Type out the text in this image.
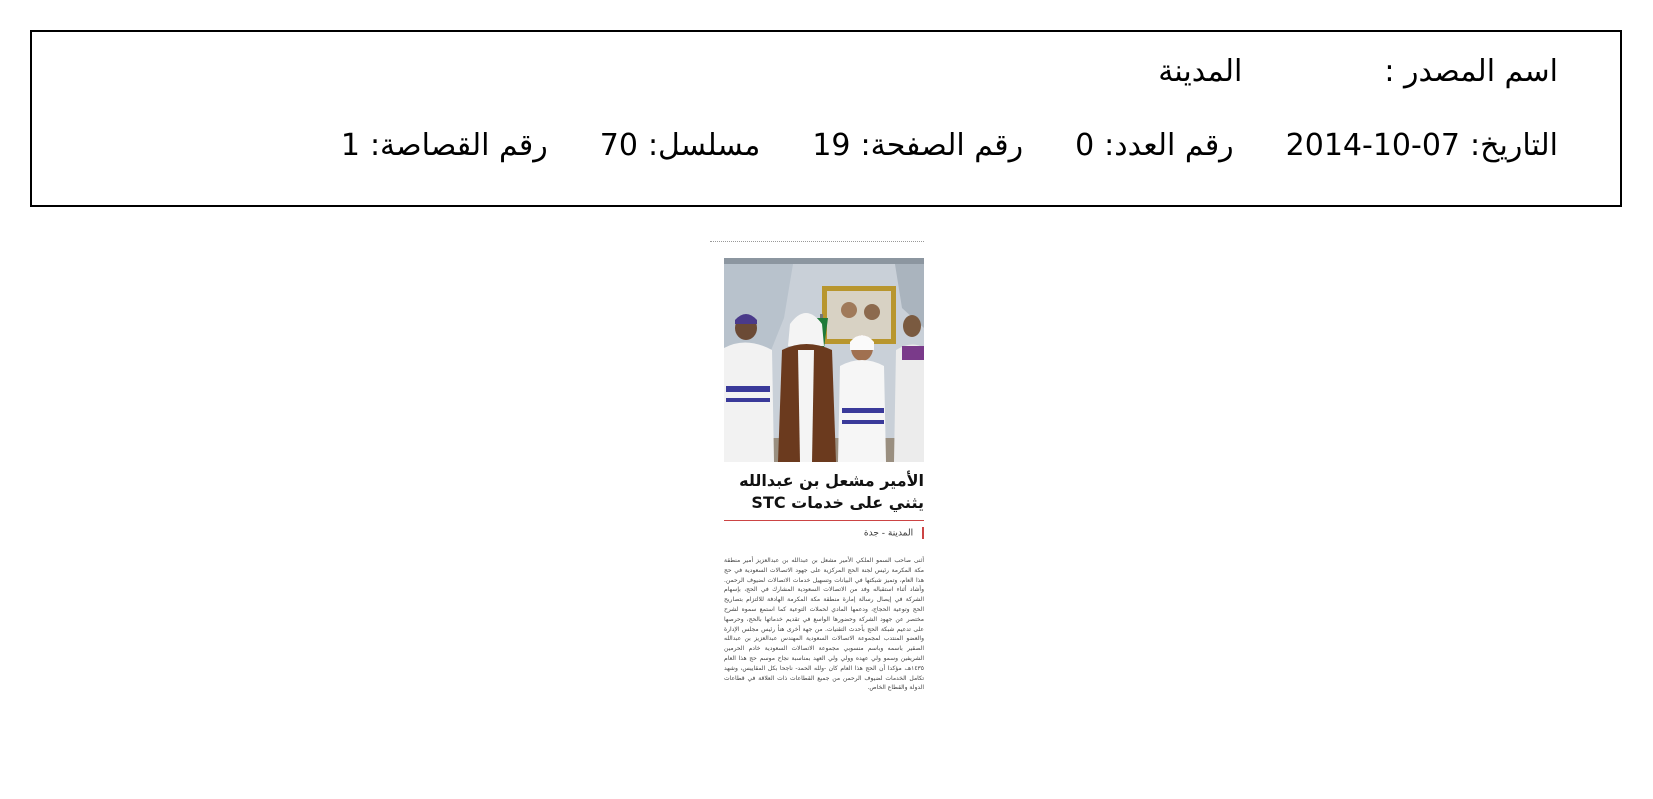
اسم المصدر :
المدينة
التاريخ:
2014-10-07
رقم العدد:
0
رقم الصفحة:
19
مسلسل:
70
رقم القصاصة:
1
الأمير مشعل بن عبدالله يثني على خدمات STC
المدينة - جدة
أثنى صاحب السمو الملكي الأمير مشعل بن عبدالله بن عبدالعزيز أمير منطقة مكة المكرمة رئيس لجنة الحج المركزية على جهود الاتصالات السعودية في حج هذا العام، وتميز شبكتها في البيانات وتسهيل خدمات الاتصالات لضيوف الرحمن. وأشاد أثناء استقباله وفد من الاتصالات السعودية المشارك في الحج، بإسهام الشركة في إيصال رسالة إمارة منطقة مكة المكرمة الهادفة للالتزام بتصاريح الحج وتوعية الحجاج، ودعمها المادي لحملات التوعية كما استمع سموه لشرح مختصر عن جهود الشركة وحضورها الواسع في تقديم خدماتها بالحج، وحرصها على تدعيم شبكة الحج بأحدث التقنيات. من جهة أخرى هنأ رئيس مجلس الإدارة والعضو المنتدب لمجموعة الاتصالات السعودية المهندس عبدالعزيز بن عبدالله الصقير باسمه وباسم منسوبي مجموعة الاتصالات السعودية خادم الحرمين الشريفين وسمو ولي عهده وولي ولي العهد بمناسبة نجاح موسم حج هذا العام ١٤٣٥هـ، مؤكدا أن الحج هذا العام كان -ولله الحمد- ناجحا بكل المقاييس، وشهد تكامل الخدمات لضيوف الرحمن من جميع القطاعات ذات العلاقة في قطاعات الدولة والقطاع الخاص.
